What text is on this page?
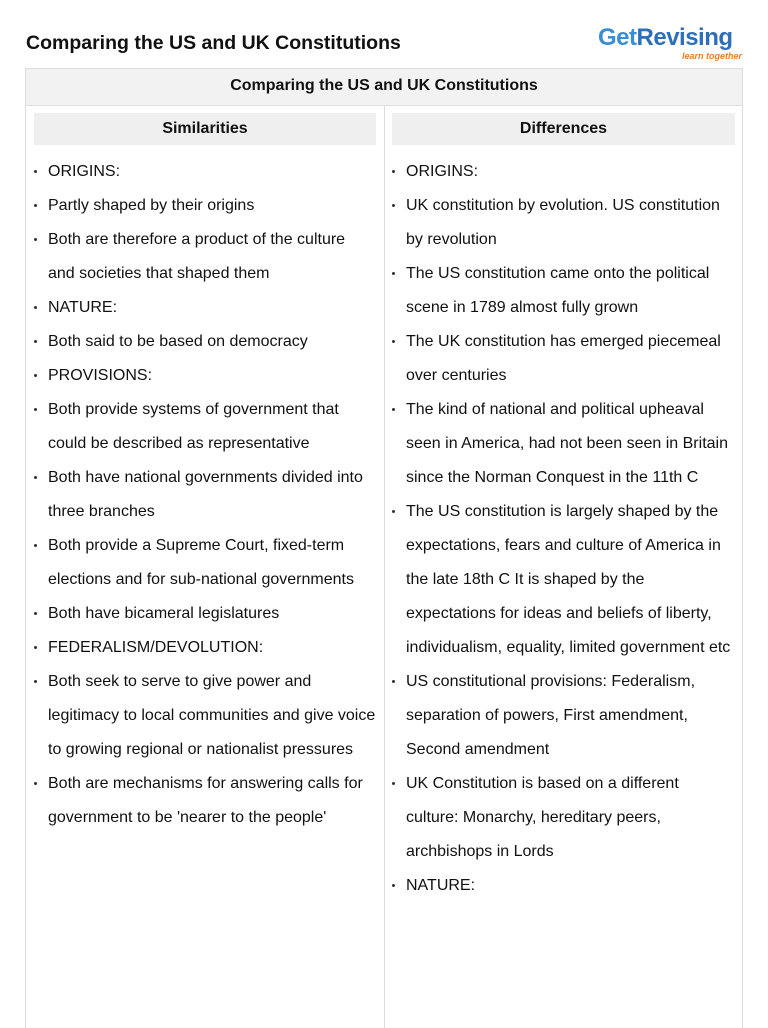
Comparing the US and UK Constitutions	GetRevising
learn together
Comparing the US and UK Constitutions
Similarities
ORIGINS:
Partly shaped by their origins
Both are therefore a product of the culture and societies that shaped them
NATURE:
Both said to be based on democracy
PROVISIONS:
Both provide systems of government that could be described as representative
Both have national governments divided into three branches
Both provide a Supreme Court, fixed-term elections and for sub-national governments
Both have bicameral legislatures
FEDERALISM/DEVOLUTION:
Both seek to serve to give power and legitimacy to local communities and give voice to growing regional or nationalist pressures
Both are mechanisms for answering calls for government to be 'nearer to the people'
Differences
ORIGINS:
UK constitution by evolution. US constitution by revolution
The US constitution came onto the political scene in 1789 almost fully grown
The UK constitution has emerged piecemeal over centuries
The kind of national and political upheaval seen in America, had not been seen in Britain since the Norman Conquest in the 11th C
The US constitution is largely shaped by the expectations, fears and culture of America in the late 18th C It is shaped by the expectations for ideas and beliefs of liberty, individualism, equality, limited government etc
US constitutional provisions: Federalism, separation of powers, First amendment, Second amendment
UK Constitution is based on a different culture: Monarchy, hereditary peers, archbishops in Lords
NATURE:
